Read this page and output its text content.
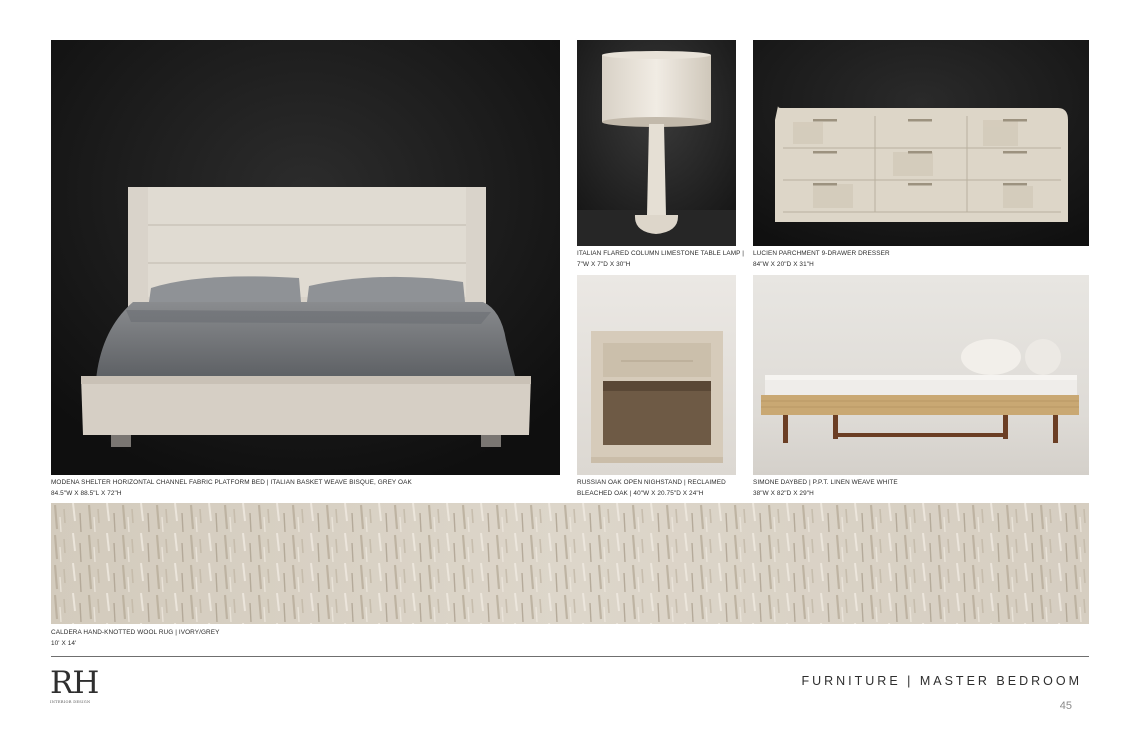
MODENA SHELTER HORIZONTAL CHANNEL FABRIC PLATFORM BED | ITALIAN BASKET WEAVE BISQUE, GREY OAK
84.5"W X 88.5"L X 72"H
ITALIAN FLARED COLUMN LIMESTONE TABLE LAMP |
7"W X 7"D X 30"H
LUCIEN PARCHMENT 9-DRAWER DRESSER
84"W X 20"D X 31"H
RUSSIAN OAK OPEN NIGHSTAND | RECLAIMED
BLEACHED OAK | 40"W X 20.75"D X 24"H
SIMONE DAYBED | P.P.T. LINEN WEAVE WHITE
38"W X 82"D X 29"H
CALDERA HAND-KNOTTED WOOL RUG | IVORY/GREY
10' X 14'
RH
INTERIOR DESIGN
FURNITURE | MASTER BEDROOM
45
